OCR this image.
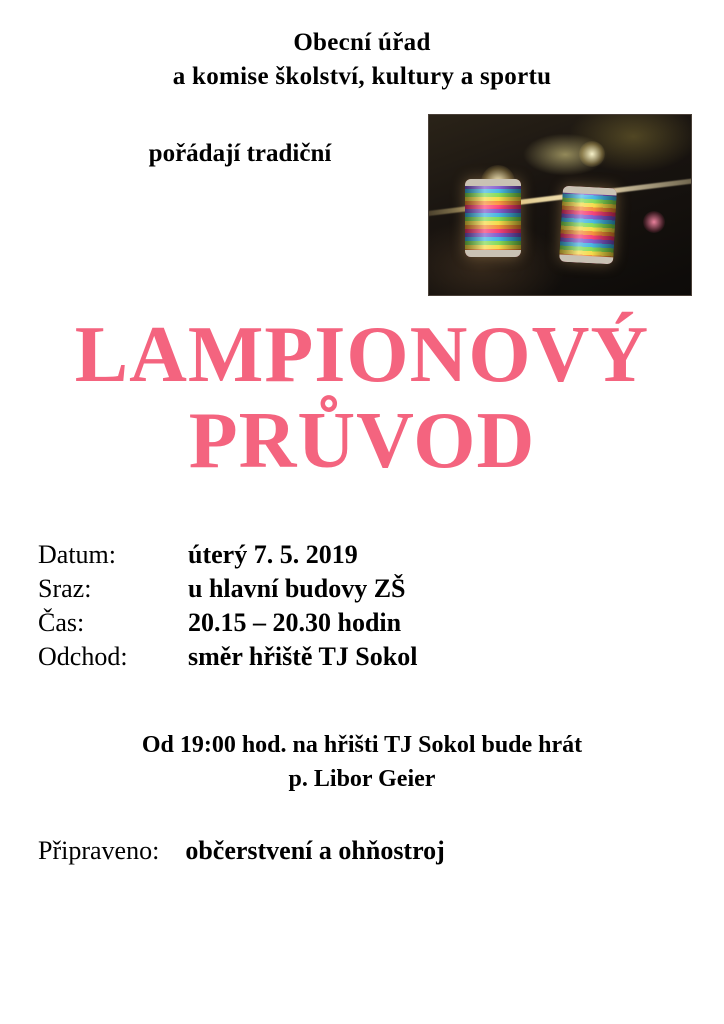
Obecní úřad
a komise školství, kultury a sportu
pořádají tradiční
LAMPIONOVÝ
PRŮVOD
Datum:	úterý 7. 5. 2019
Sraz:	u hlavní budovy ZŠ
Čas:	20.15 – 20.30 hodin
Odchod:	směr hřiště TJ Sokol
Od 19:00 hod. na hřišti TJ Sokol bude hrát
p. Libor Geier
Připraveno: občerstvení a ohňostroj
